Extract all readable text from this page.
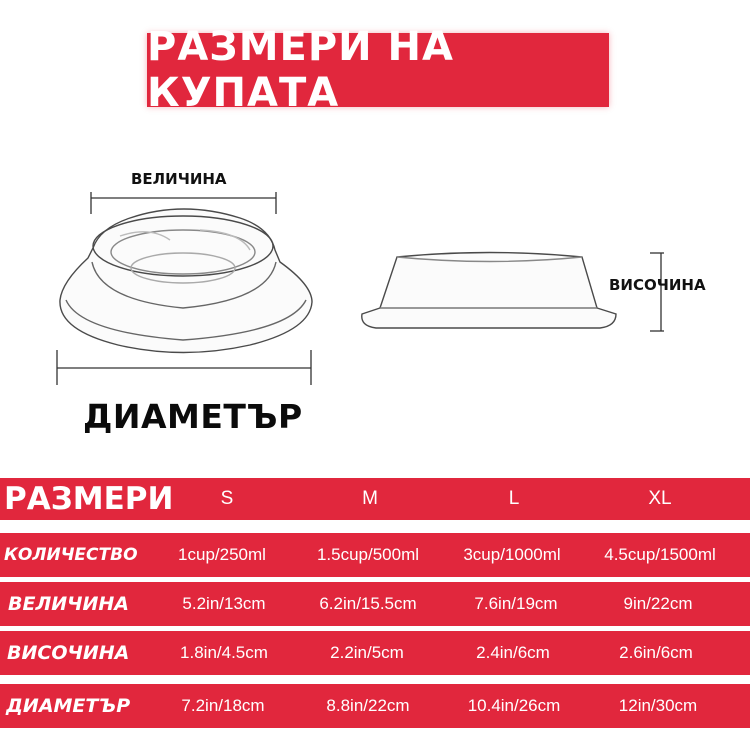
РАЗМЕРИ НА КУПАТА
ВЕЛИЧИНА
ВИСОЧИНА
ДИАМЕТЪР
РАЗМЕРИ	S	M	L	XL
КОЛИЧЕСТВО	1cup/250ml	1.5cup/500ml	3cup/1000ml	4.5cup/1500ml
ВЕЛИЧИНА	5.2in/13cm	6.2in/15.5cm	7.6in/19cm	9in/22cm
ВИСОЧИНА	1.8in/4.5cm	2.2in/5cm	2.4in/6cm	2.6in/6cm
ДИАМЕТЪР	7.2in/18cm	8.8in/22cm	10.4in/26cm	12in/30cm
